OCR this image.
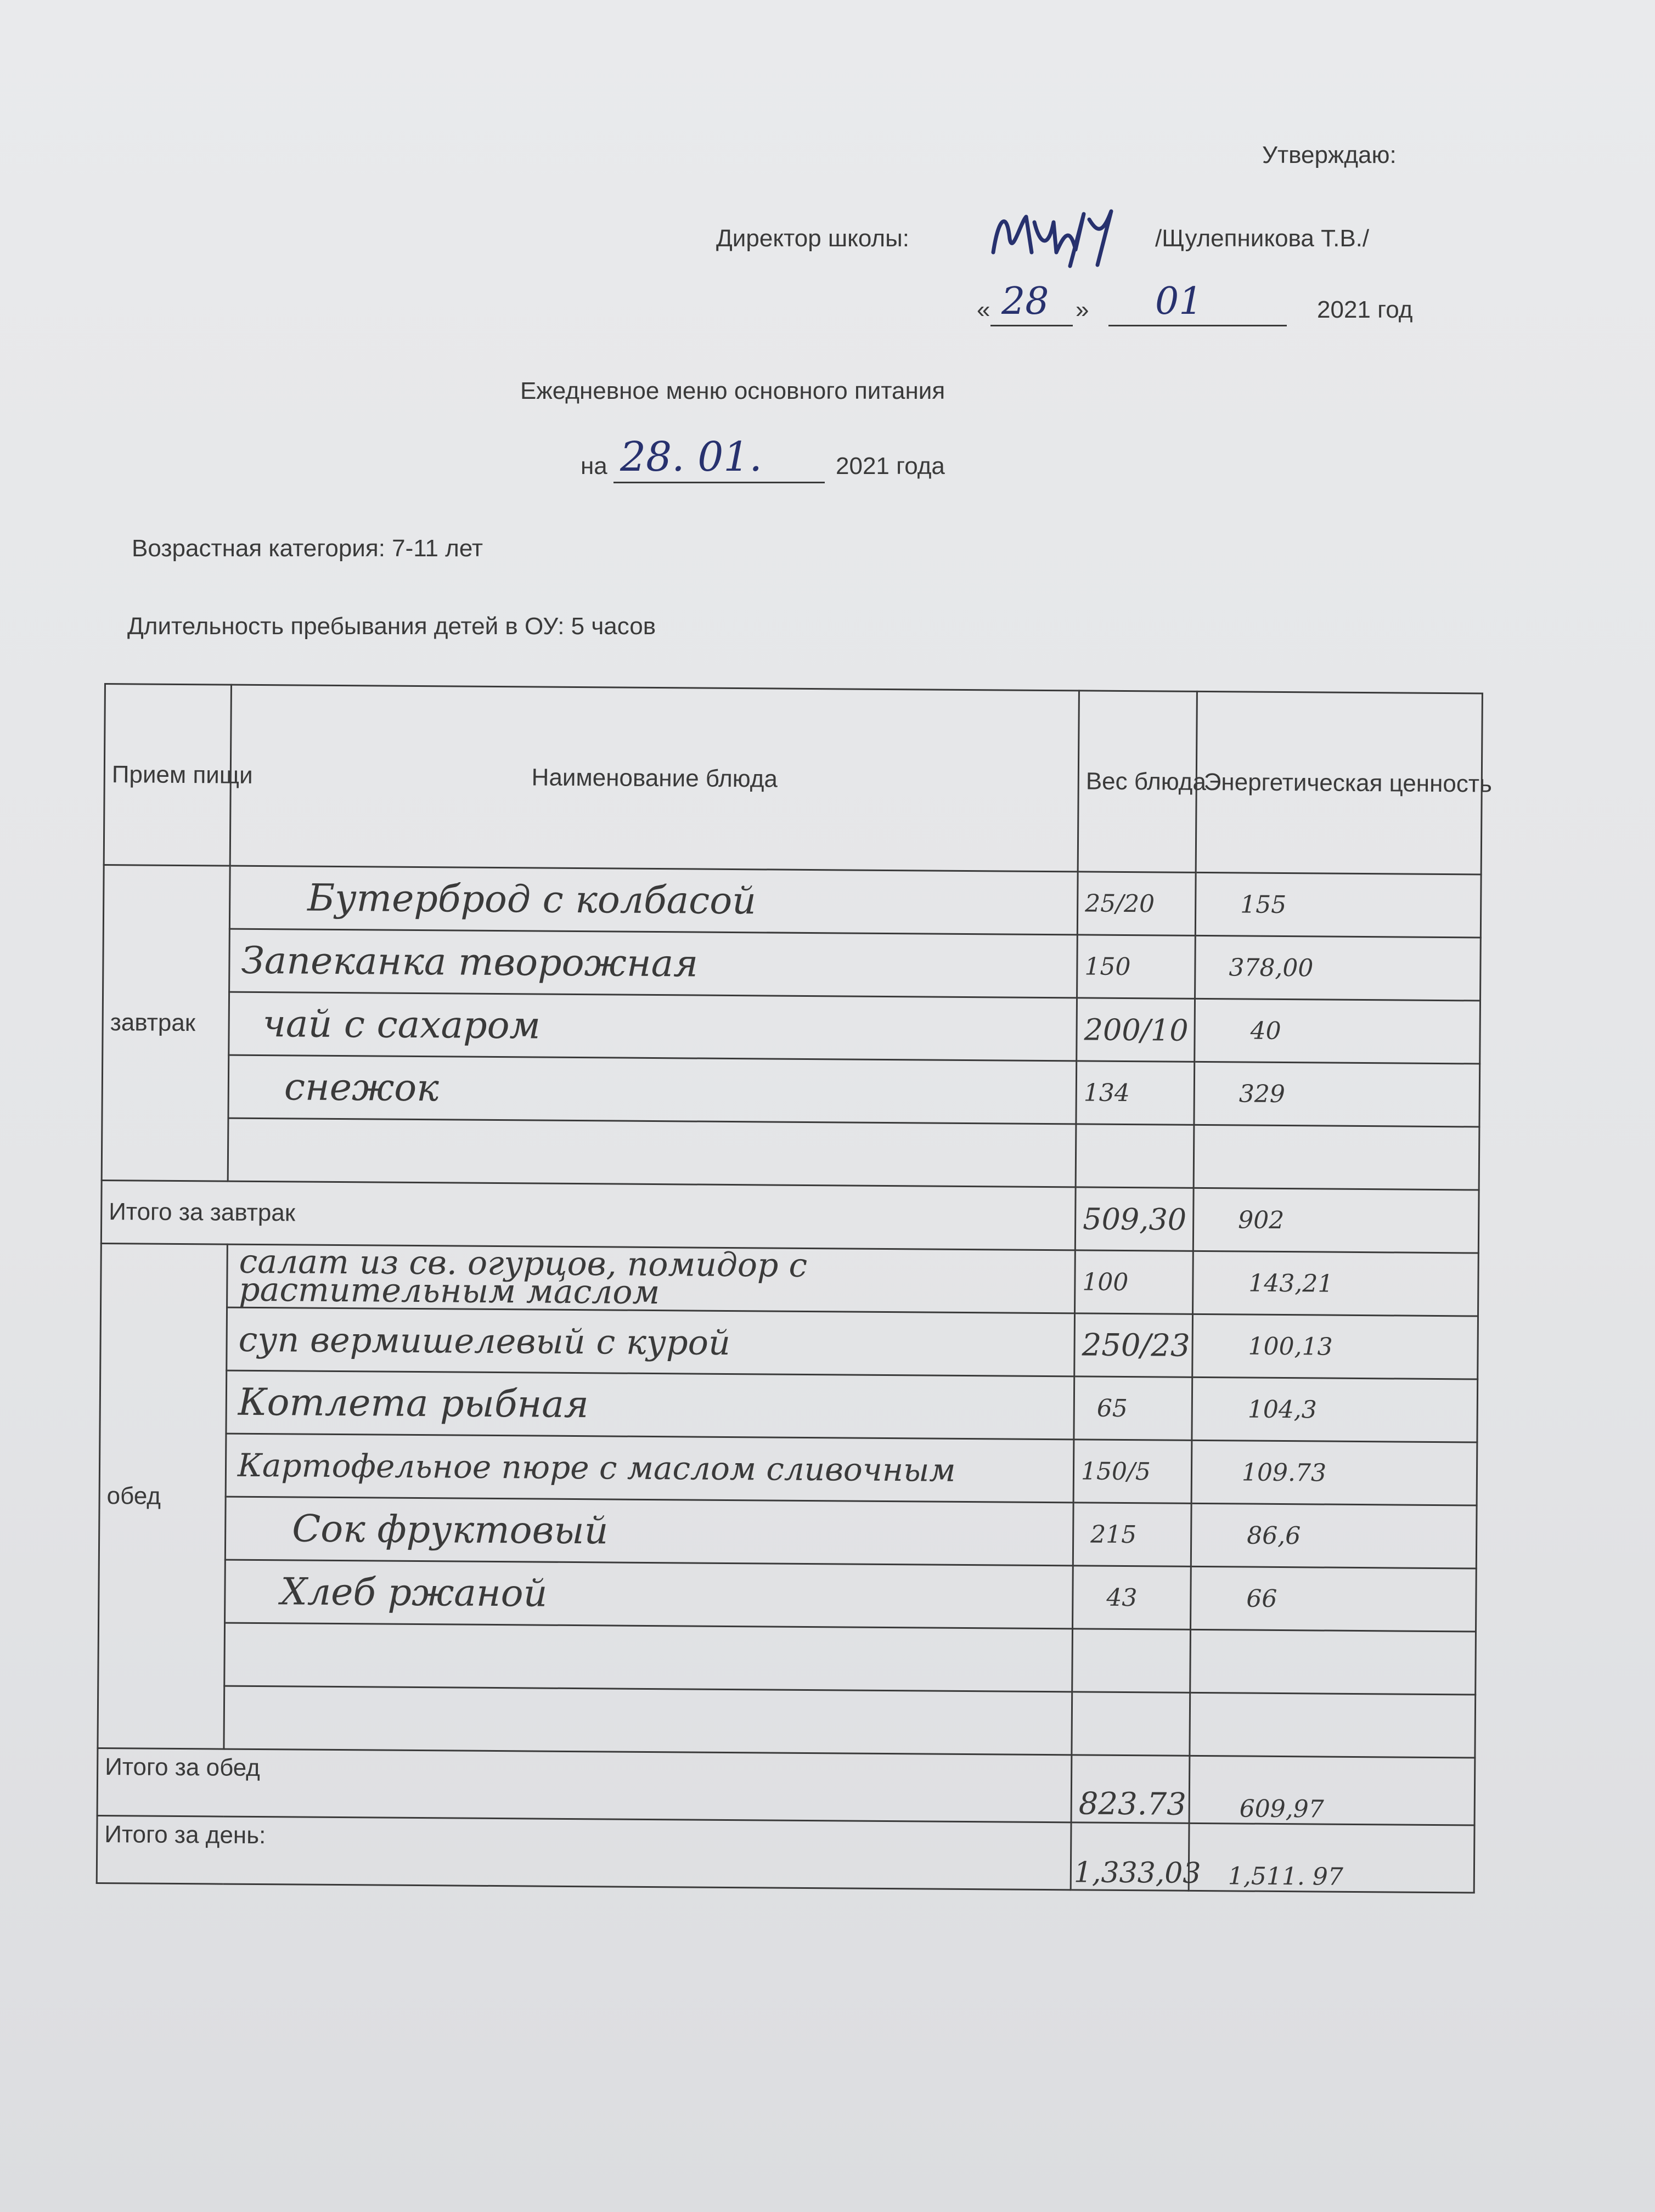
Утверждаю:
Директор школы:	/Щулепникова Т.В./
« 28 » 01	2021 год
Ежедневное меню основного питания
на 28. 01.	2021 года
Возрастная категория: 7-11 лет
Длительность пребывания детей в ОУ: 5 часов
Прием пищи	Наименование блюда	Вес блюда	Энергетическая ценность
завтрак	Бутерброд с колбасой	25/20	155
	Запеканка творожная	150	378,00
	чай с сахаром	200/10	40
	снежок	134	329

Итого за завтрак		509,30	902
обед	салат из св. огурцов, помидор с растительным маслом	100	143,21
	суп вермишелевый с курой	250/23	100,13
	Котлета рыбная	65	104,3
	Картофельное пюре с маслом сливочным	150/5	109.73
	Сок фруктовый	215	86,6
	Хлеб ржаной	43	66

Итого за обед		823.73	609,97
Итого за день:		1,333,03	1,511. 97
